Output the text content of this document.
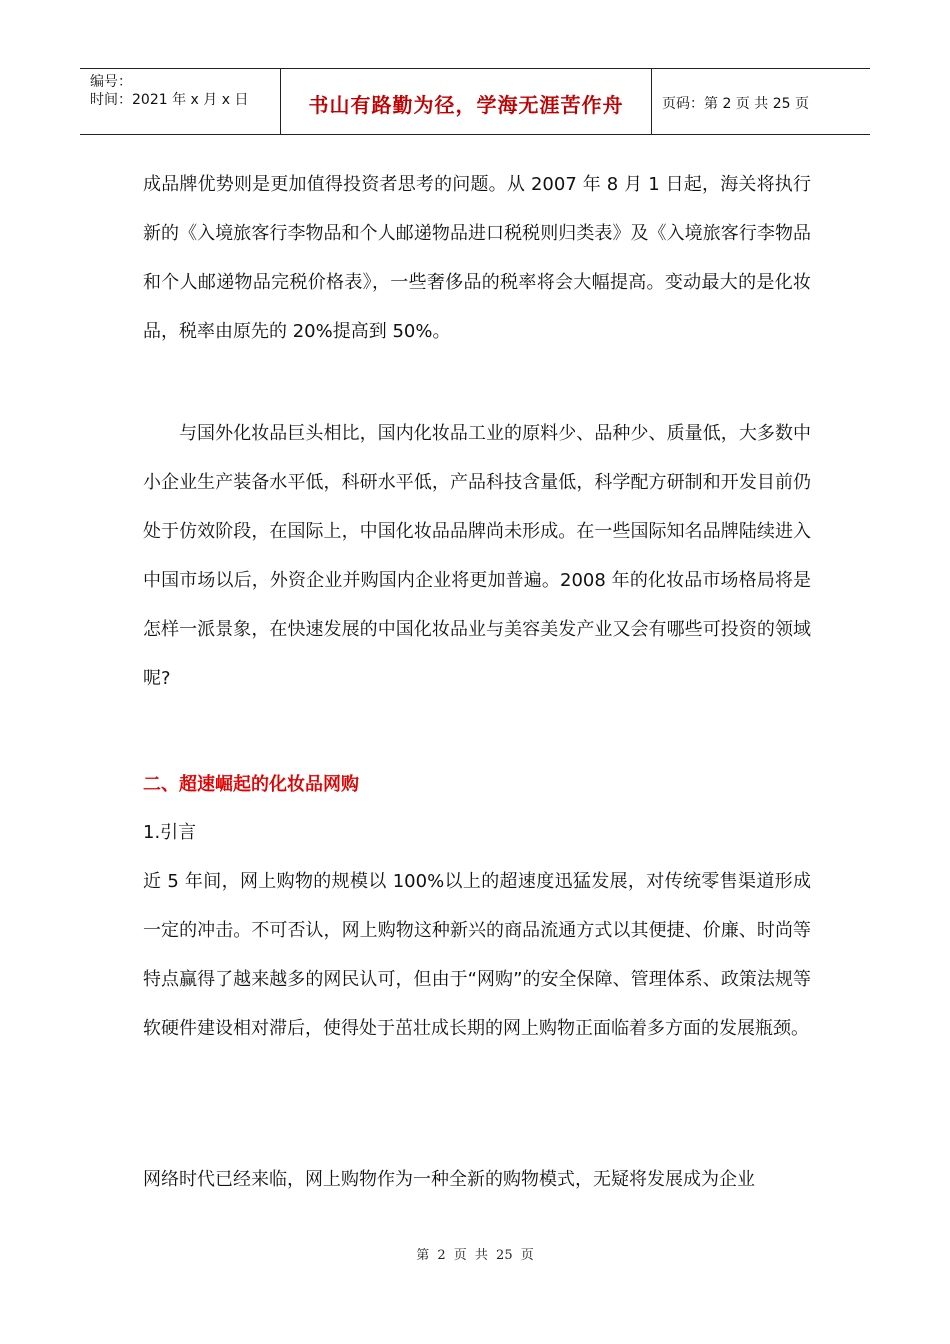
编号：
时间：2021 年 x 月 x 日	书山有路勤为径，学海无涯苦作舟	页码：第 2 页 共 25 页

成品牌优势则是更加值得投资者思考的问题。从 2007 年 8 月 1 日起，海关将执行新的《入境旅客行李物品和个人邮递物品进口税税则归类表》及《入境旅客行李物品和个人邮递物品完税价格表》，一些奢侈品的税率将会大幅提高。变动最大的是化妆品，税率由原先的 20%提高到 50%。

与国外化妆品巨头相比，国内化妆品工业的原料少、品种少、质量低，大多数中小企业生产装备水平低，科研水平低，产品科技含量低，科学配方研制和开发目前仍处于仿效阶段，在国际上，中国化妆品品牌尚未形成。在一些国际知名品牌陆续进入中国市场以后，外资企业并购国内企业将更加普遍。2008 年的化妆品市场格局将是怎样一派景象，在快速发展的中国化妆品业与美容美发产业又会有哪些可投资的领域呢?

二、超速崛起的化妆品网购

1.引言

近 5 年间，网上购物的规模以 100%以上的超速度迅猛发展，对传统零售渠道形成一定的冲击。不可否认，网上购物这种新兴的商品流通方式以其便捷、价廉、时尚等特点赢得了越来越多的网民认可，但由于“网购”的安全保障、管理体系、政策法规等软硬件建设相对滞后，使得处于茁壮成长期的网上购物正面临着多方面的发展瓶颈。

网络时代已经来临，网上购物作为一种全新的购物模式，无疑将发展成为企业

第 2 页 共 25 页
